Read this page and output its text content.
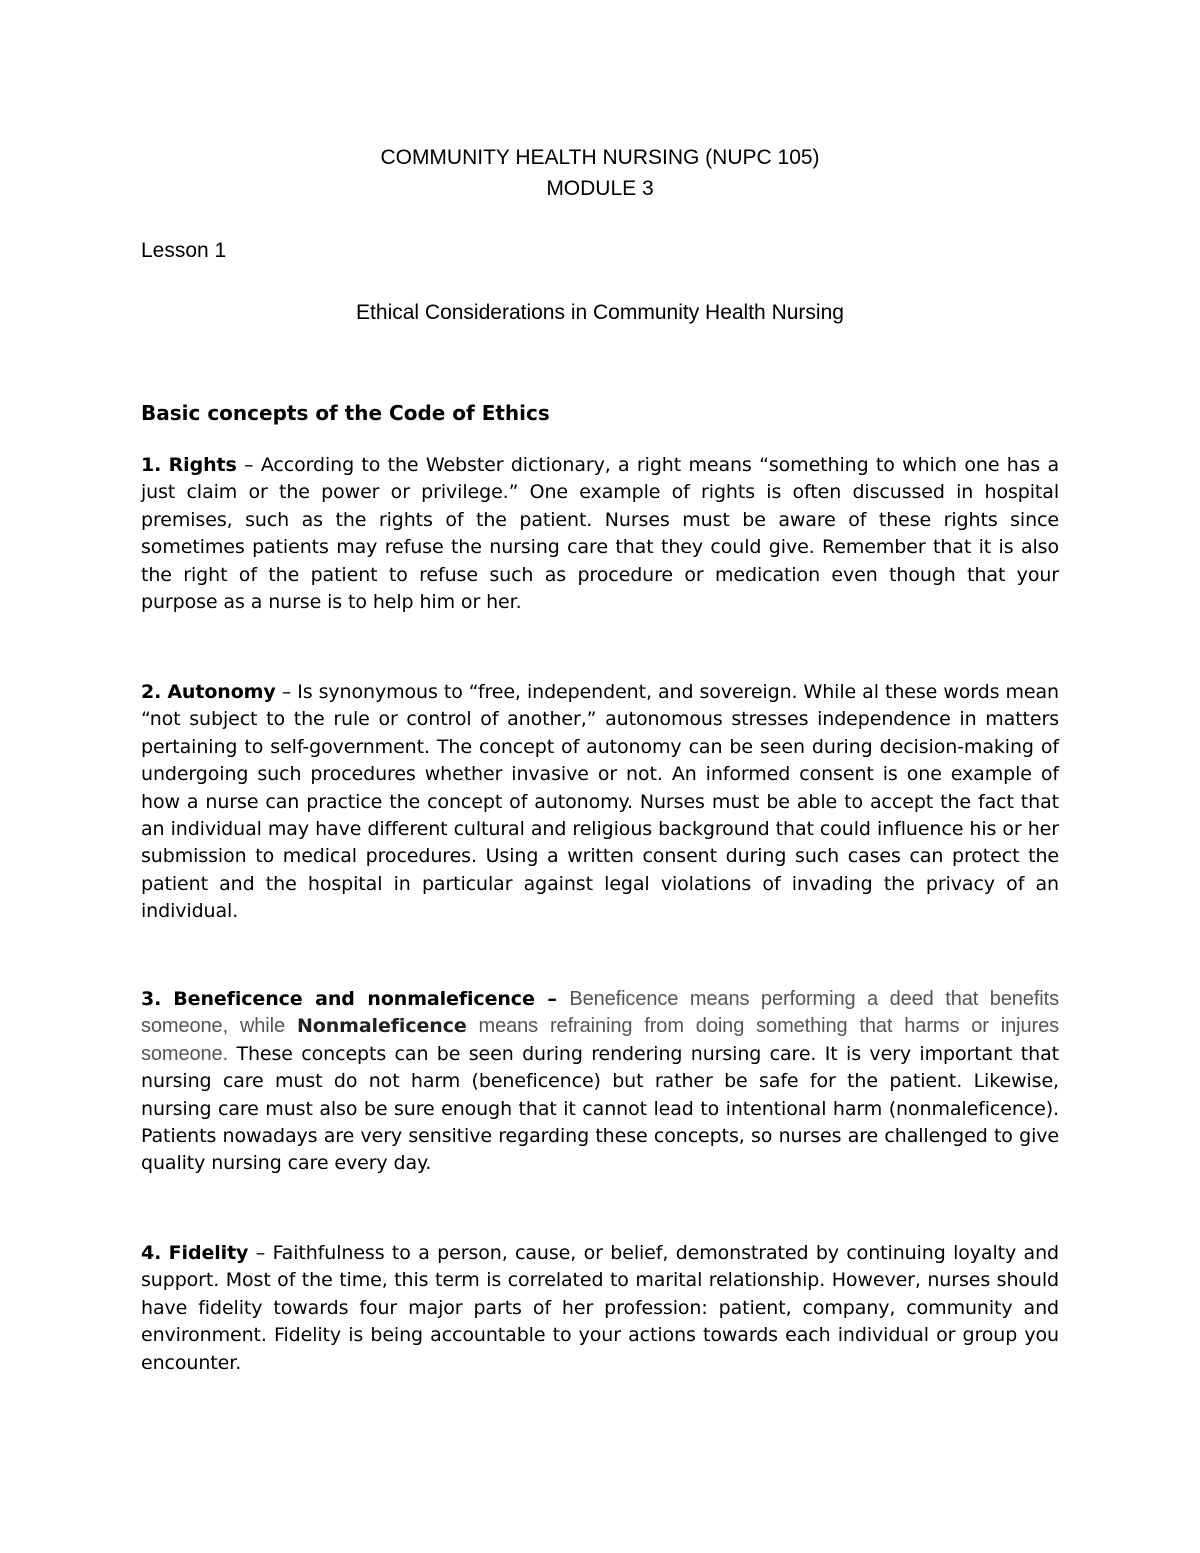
COMMUNITY HEALTH NURSING (NUPC 105)
MODULE 3
Lesson 1
Ethical Considerations in Community Health Nursing
Basic concepts of the Code of Ethics
1. Rights – According to the Webster dictionary, a right means “something to which one has a just claim or the power or privilege.” One example of rights is often discussed in hospital premises, such as the rights of the patient. Nurses must be aware of these rights since sometimes patients may refuse the nursing care that they could give. Remember that it is also the right of the patient to refuse such as procedure or medication even though that your purpose as a nurse is to help him or her.
2. Autonomy – Is synonymous to “free, independent, and sovereign. While al these words mean “not subject to the rule or control of another,” autonomous stresses independence in matters pertaining to self-government. The concept of autonomy can be seen during decision-making of undergoing such procedures whether invasive or not. An informed consent is one example of how a nurse can practice the concept of autonomy. Nurses must be able to accept the fact that an individual may have different cultural and religious background that could influence his or her submission to medical procedures. Using a written consent during such cases can protect the patient and the hospital in particular against legal violations of invading the privacy of an individual.
3. Beneficence and nonmaleficence – Beneficence means performing a deed that benefits someone, while Nonmaleficence means refraining from doing something that harms or injures someone. These concepts can be seen during rendering nursing care. It is very important that nursing care must do not harm (beneficence) but rather be safe for the patient. Likewise, nursing care must also be sure enough that it cannot lead to intentional harm (nonmaleficence). Patients nowadays are very sensitive regarding these concepts, so nurses are challenged to give quality nursing care every day.
4. Fidelity – Faithfulness to a person, cause, or belief, demonstrated by continuing loyalty and support. Most of the time, this term is correlated to marital relationship. However, nurses should have fidelity towards four major parts of her profession: patient, company, community and environment. Fidelity is being accountable to your actions towards each individual or group you encounter.
